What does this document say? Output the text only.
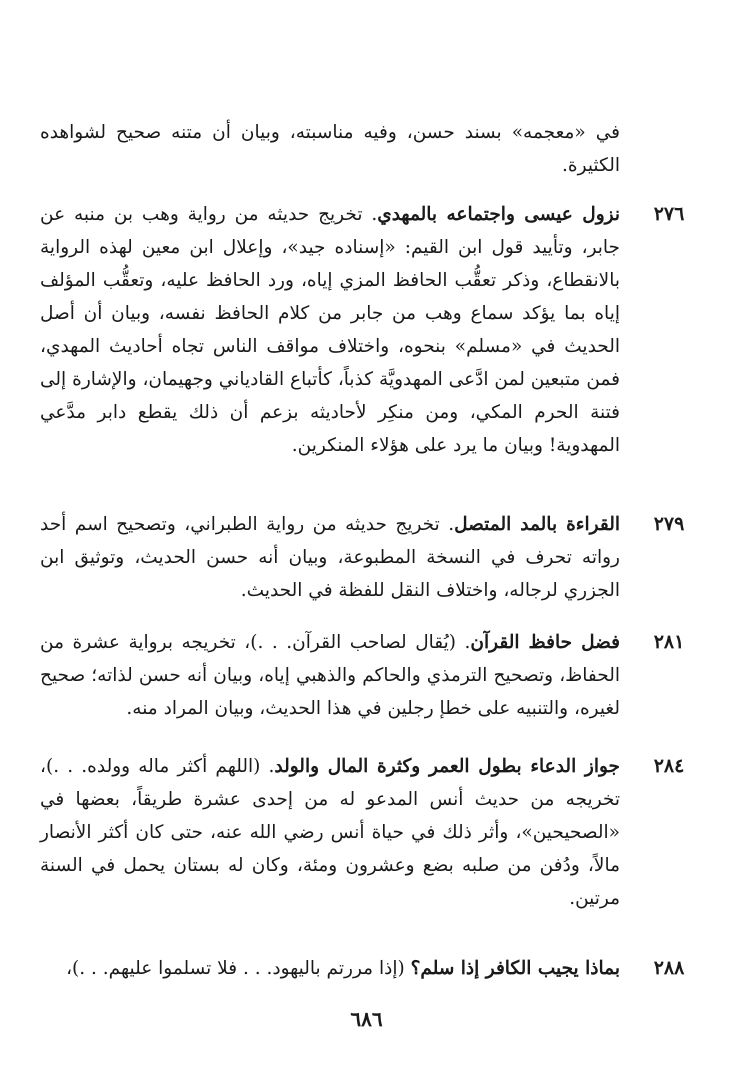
في «معجمه» بسند حسن، وفيه مناسبته، وبيان أن متنه صحيح لشواهده الكثيرة.
٢٧٦
نزول عيسى واجتماعه بالمهدي. تخريج حديثه من رواية وهب بن منبه عن جابر، وتأييد قول ابن القيم: «إسناده جيد»، وإعلال ابن معين لهذه الرواية بالانقطاع، وذكر تعقُّب الحافظ المزي إياه، ورد الحافظ عليه، وتعقُّب المؤلف إياه بما يؤكد سماع وهب من جابر من كلام الحافظ نفسه، وبيان أن أصل الحديث في «مسلم» بنحوه، واختلاف مواقف الناس تجاه أحاديث المهدي، فمن متبعين لمن ادَّعى المهدويَّة كذباً، كأتباع القادياني وجهيمان، والإشارة إلى فتنة الحرم المكي، ومن منكِر لأحاديثه بزعم أن ذلك يقطع دابر مدَّعي المهدوية! وبيان ما يرد على هؤلاء المنكرين.
٢٧٩
القراءة بالمد المتصل. تخريج حديثه من رواية الطبراني، وتصحيح اسم أحد رواته تحرف في النسخة المطبوعة، وبيان أنه حسن الحديث، وتوثيق ابن الجزري لرجاله، واختلاف النقل للفظة في الحديث.
٢٨١
فضل حافظ القرآن. (يُقال لصاحب القرآن. . .)، تخريجه برواية عشرة من الحفاظ، وتصحيح الترمذي والحاكم والذهبي إياه، وبيان أنه حسن لذاته؛ صحيح لغيره، والتنبيه على خطإ رجلين في هذا الحديث، وبيان المراد منه.
٢٨٤
جواز الدعاء بطول العمر وكثرة المال والولد. (اللهم أكثر ماله وولده. . .)، تخريجه من حديث أنس المدعو له من إحدى عشرة طريقاً، بعضها في «الصحيحين»، وأثر ذلك في حياة أنس رضي الله عنه، حتى كان أكثر الأنصار مالاً، ودُفن من صلبه بضع وعشرون ومئة، وكان له بستان يحمل في السنة مرتين.
٢٨٨
بماذا يجيب الكافر إذا سلم؟ (إذا مررتم باليهود. . . فلا تسلموا عليهم. . .)،
٦٨٦
